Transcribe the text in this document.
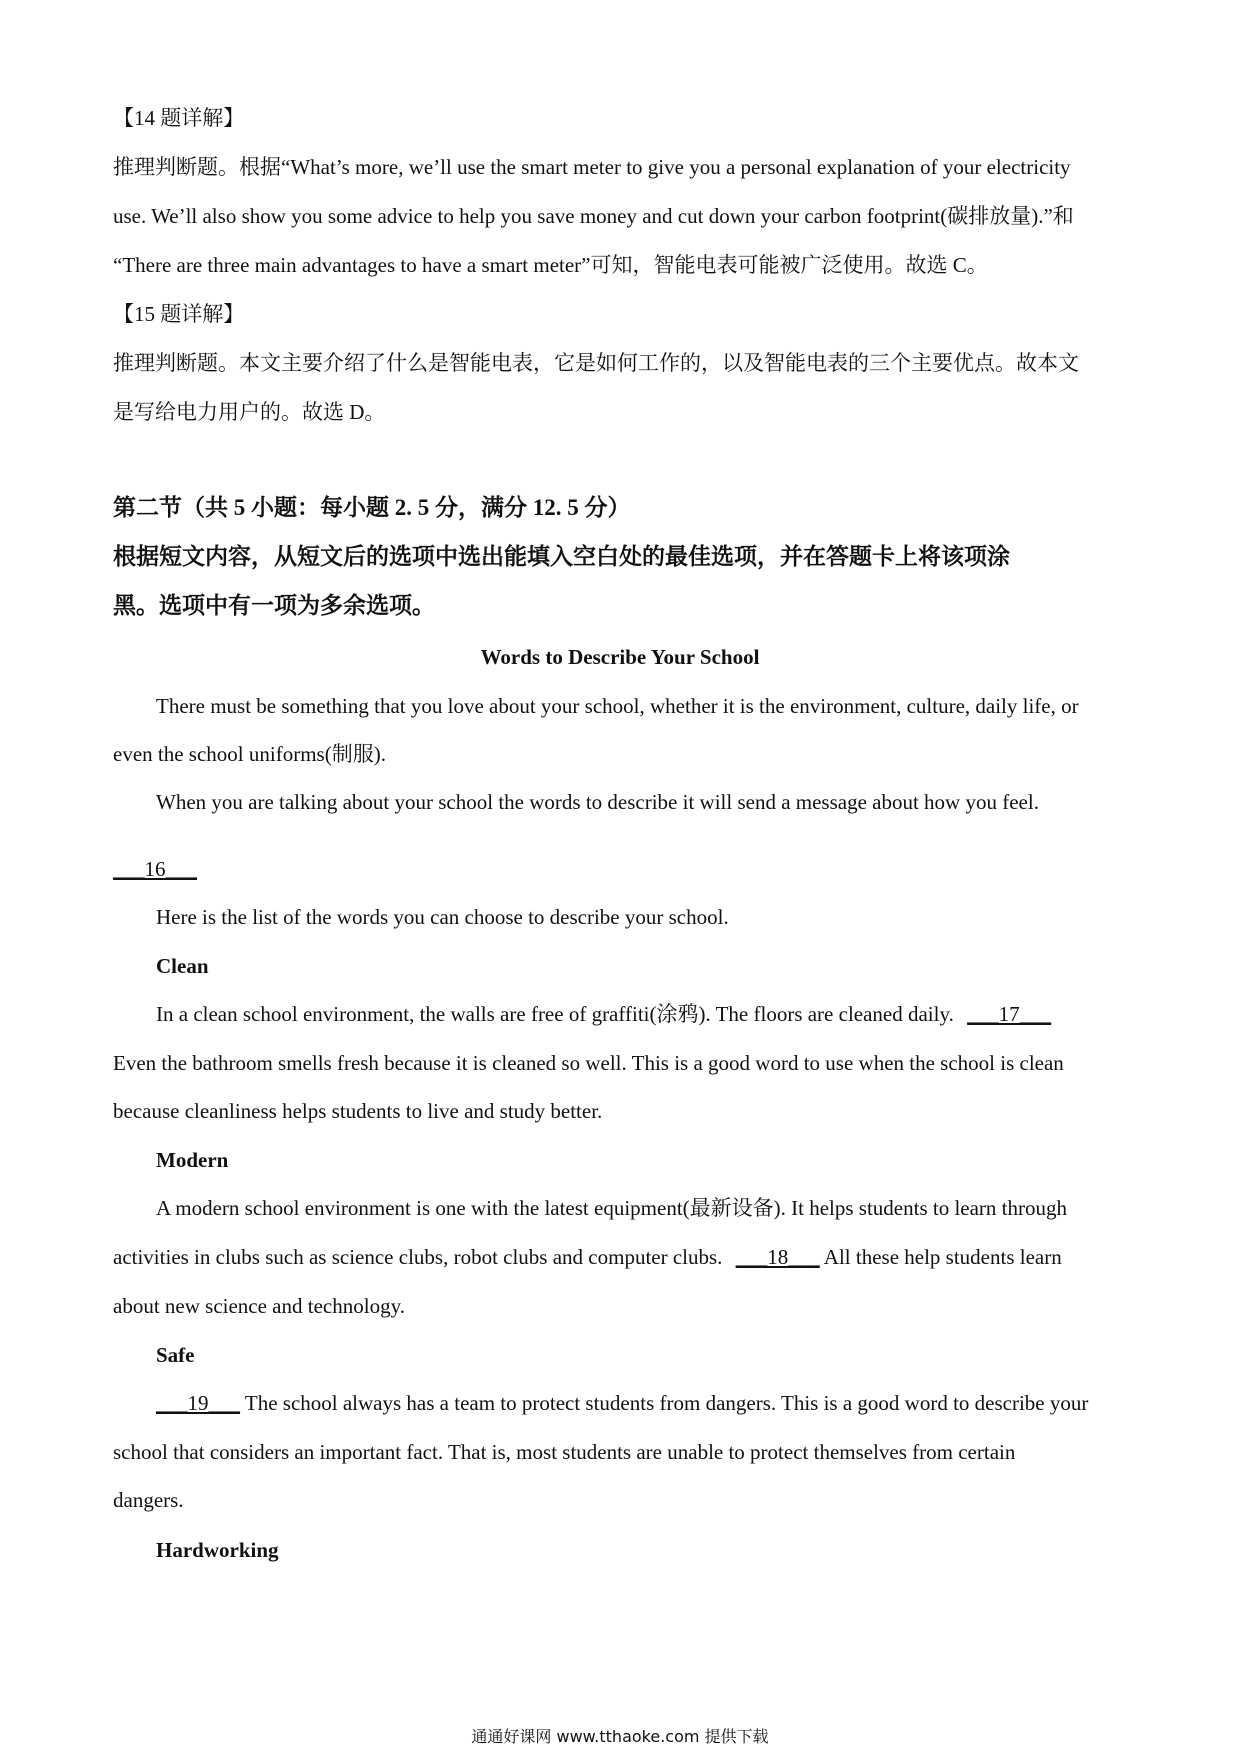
【14 题详解】
推理判断题。根据“What’s more, we’ll use the smart meter to give you a personal explanation of your electricity
use. We’ll also show you some advice to help you save money and cut down your carbon footprint(碳排放量).”和
“There are three main advantages to have a smart meter”可知，智能电表可能被广泛使用。故选 C。
【15 题详解】
推理判断题。本文主要介绍了什么是智能电表，它是如何工作的，以及智能电表的三个主要优点。故本文
是写给电力用户的。故选 D。
第二节（共 5 小题：每小题 2. 5 分，满分 12. 5 分）
根据短文内容，从短文后的选项中选出能填入空白处的最佳选项，并在答题卡上将该项涂
黑。选项中有一项为多余选项。
Words to Describe Your School
There must be something that you love about your school, whether it is the environment, culture, daily life, or
even the school uniforms(制服).
When you are talking about your school the words to describe it will send a message about how you feel.
___16___
Here is the list of the words you can choose to describe your school.
Clean
In a clean school environment, the walls are free of graffiti(涂鸦). The floors are cleaned daily. ___17___
Even the bathroom smells fresh because it is cleaned so well. This is a good word to use when the school is clean
because cleanliness helps students to live and study better.
Modern
A modern school environment is one with the latest equipment(最新设备). It helps students to learn through
activities in clubs such as science clubs, robot clubs and computer clubs. ___18___ All these help students learn
about new science and technology.
Safe
___19___ The school always has a team to protect students from dangers. This is a good word to describe your
school that considers an important fact. That is, most students are unable to protect themselves from certain
dangers.
Hardworking
通通好课网 www.tthaoke.com 提供下载
